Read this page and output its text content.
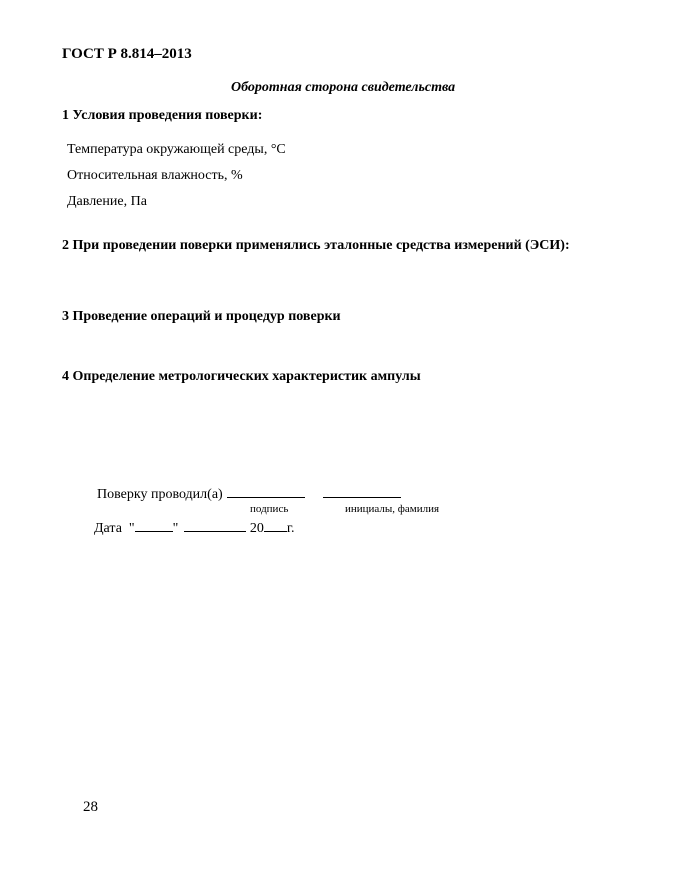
ГОСТ Р 8.814–2013
Оборотная сторона свидетельства
1 Условия проведения поверки:
Температура окружающей среды, °С
Относительная влажность, %
Давление, Па
2 При проведении поверки применялись эталонные средства измерений (ЭСИ):
3 Проведение операций и процедур поверки
4 Определение метрологических характеристик ампулы
Поверку проводил(а)
подпись	инициалы, фамилия
Дата "	"	20 г.
28
